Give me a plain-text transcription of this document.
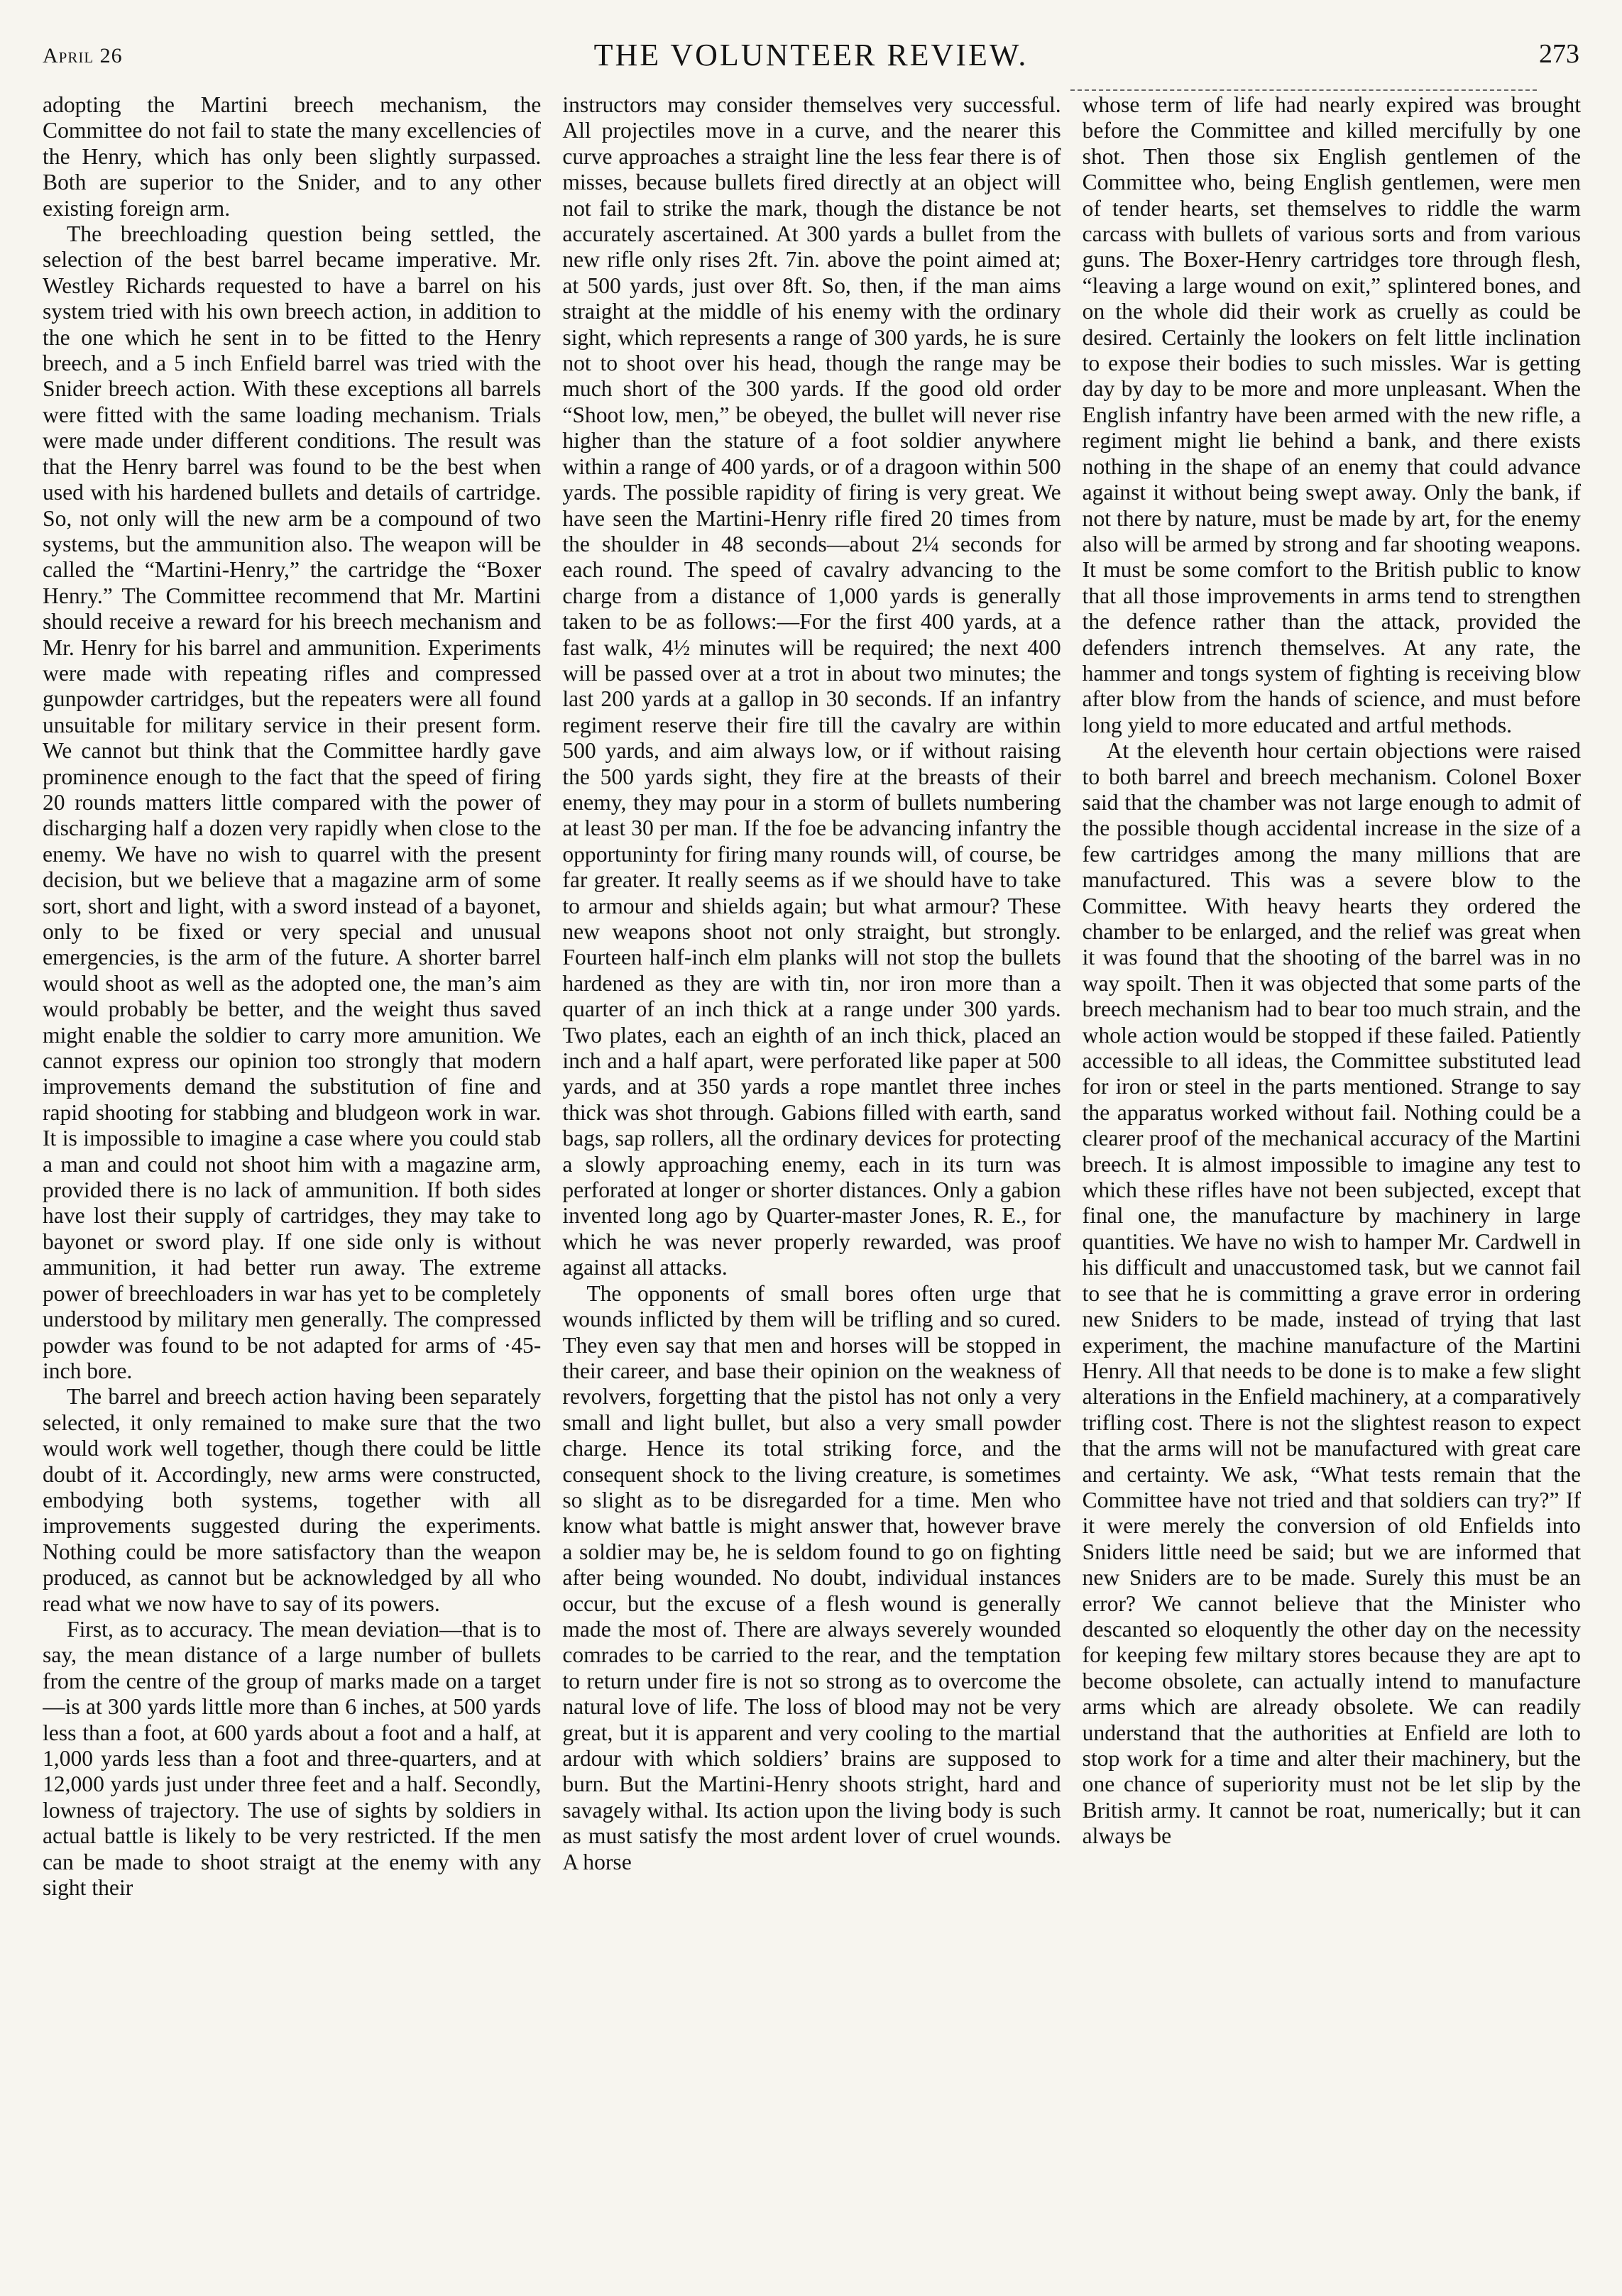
April 26	THE VOLUNTEER REVIEW.	273

adopting the Martini breech mechanism, the Committee do not fail to state the many excellencies of the Henry, which has only been slightly surpassed. Both are superior to the Snider, and to any other existing foreign arm.

The breechloading question being settled, the selection of the best barrel became imperative. Mr. Westley Richards requested to have a barrel on his system tried with his own breech action, in addition to the one which he sent in to be fitted to the Henry breech, and a 5 inch Enfield barrel was tried with the Snider breech action. With these exceptions all barrels were fitted with the same loading mechanism. Trials were made under different conditions. The result was that the Henry barrel was found to be the best when used with his hardened bullets and details of cartridge. So, not only will the new arm be a compound of two systems, but the ammunition also. The weapon will be called the “Martini-Henry,” the cartridge the “Boxer Henry.” The Committee recommend that Mr. Martini should receive a reward for his breech mechanism and Mr. Henry for his barrel and ammunition. Experiments were made with repeating rifles and compressed gunpowder cartridges, but the repeaters were all found unsuitable for military service in their present form. We cannot but think that the Committee hardly gave prominence enough to the fact that the speed of firing 20 rounds matters little compared with the power of discharging half a dozen very rapidly when close to the enemy. We have no wish to quarrel with the present decision, but we believe that a magazine arm of some sort, short and light, with a sword instead of a bayonet, only to be fixed or very special and unusual emergencies, is the arm of the future. A shorter barrel would shoot as well as the adopted one, the man’s aim would probably be better, and the weight thus saved might enable the soldier to carry more amunition. We cannot express our opinion too strongly that modern improvements demand the substitution of fine and rapid shooting for stabbing and bludgeon work in war. It is impossible to imagine a case where you could stab a man and could not shoot him with a magazine arm, provided there is no lack of ammunition. If both sides have lost their supply of cartridges, they may take to bayonet or sword play. If one side only is without ammunition, it had better run away. The extreme power of breechloaders in war has yet to be completely understood by military men generally. The compressed powder was found to be not adapted for arms of ·45-inch bore.

The barrel and breech action having been separately selected, it only remained to make sure that the two would work well together, though there could be little doubt of it. Accordingly, new arms were constructed, embodying both systems, together with all improvements suggested during the experiments. Nothing could be more satisfactory than the weapon produced, as cannot but be acknowledged by all who read what we now have to say of its powers.

First, as to accuracy. The mean deviation—that is to say, the mean distance of a large number of bullets from the centre of the group of marks made on a target—is at 300 yards little more than 6 inches, at 500 yards less than a foot, at 600 yards about a foot and a half, at 1,000 yards less than a foot and three-quarters, and at 12,000 yards just under three feet and a half. Secondly, lowness of trajectory. The use of sights by soldiers in actual battle is likely to be very restricted. If the men can be made to shoot straigt at the enemy with any sight their

instructors may consider themselves very successful. All projectiles move in a curve, and the nearer this curve approaches a straight line the less fear there is of misses, because bullets fired directly at an object will not fail to strike the mark, though the distance be not accurately ascertained. At 300 yards a bullet from the new rifle only rises 2ft. 7in. above the point aimed at; at 500 yards, just over 8ft. So, then, if the man aims straight at the middle of his enemy with the ordinary sight, which represents a range of 300 yards, he is sure not to shoot over his head, though the range may be much short of the 300 yards. If the good old order “Shoot low, men,” be obeyed, the bullet will never rise higher than the stature of a foot soldier anywhere within a range of 400 yards, or of a dragoon within 500 yards. The possible rapidity of firing is very great. We have seen the Martini-Henry rifle fired 20 times from the shoulder in 48 seconds—about 2¼ seconds for each round. The speed of cavalry advancing to the charge from a distance of 1,000 yards is generally taken to be as follows:—For the first 400 yards, at a fast walk, 4½ minutes will be required; the next 400 will be passed over at a trot in about two minutes; the last 200 yards at a gallop in 30 seconds. If an infantry regiment reserve their fire till the cavalry are within 500 yards, and aim always low, or if without raising the 500 yards sight, they fire at the breasts of their enemy, they may pour in a storm of bullets numbering at least 30 per man. If the foe be advancing infantry the opportuninty for firing many rounds will, of course, be far greater. It really seems as if we should have to take to armour and shields again; but what armour? These new weapons shoot not only straight, but strongly. Fourteen half-inch elm planks will not stop the bullets hardened as they are with tin, nor iron more than a quarter of an inch thick at a range under 300 yards. Two plates, each an eighth of an inch thick, placed an inch and a half apart, were perforated like paper at 500 yards, and at 350 yards a rope mantlet three inches thick was shot through. Gabions filled with earth, sand bags, sap rollers, all the ordinary devices for protecting a slowly approaching enemy, each in its turn was perforated at longer or shorter distances. Only a gabion invented long ago by Quarter-master Jones, R. E., for which he was never properly rewarded, was proof against all attacks.

The opponents of small bores often urge that wounds inflicted by them will be trifling and so cured. They even say that men and horses will be stopped in their career, and base their opinion on the weakness of revolvers, forgetting that the pistol has not only a very small and light bullet, but also a very small powder charge. Hence its total striking force, and the consequent shock to the living creature, is sometimes so slight as to be disregarded for a time. Men who know what battle is might answer that, however brave a soldier may be, he is seldom found to go on fighting after being wounded. No doubt, individual instances occur, but the excuse of a flesh wound is generally made the most of. There are always severely wounded comrades to be carried to the rear, and the temptation to return under fire is not so strong as to overcome the natural love of life. The loss of blood may not be very great, but it is apparent and very cooling to the martial ardour with which soldiers’ brains are supposed to burn. But the Martini-Henry shoots stright, hard and savagely withal. Its action upon the living body is such as must satisfy the most ardent lover of cruel wounds. A horse

whose term of life had nearly expired was brought before the Committee and killed mercifully by one shot. Then those six English gentlemen of the Committee who, being English gentlemen, were men of tender hearts, set themselves to riddle the warm carcass with bullets of various sorts and from various guns. The Boxer-Henry cartridges tore through flesh, “leaving a large wound on exit,” splintered bones, and on the whole did their work as cruelly as could be desired. Certainly the lookers on felt little inclination to expose their bodies to such missles. War is getting day by day to be more and more unpleasant. When the English infantry have been armed with the new rifle, a regiment might lie behind a bank, and there exists nothing in the shape of an enemy that could advance against it without being swept away. Only the bank, if not there by nature, must be made by art, for the enemy also will be armed by strong and far shooting weapons. It must be some comfort to the British public to know that all those improvements in arms tend to strengthen the defence rather than the attack, provided the defenders intrench themselves. At any rate, the hammer and tongs system of fighting is receiving blow after blow from the hands of science, and must before long yield to more educated and artful methods.

At the eleventh hour certain objections were raised to both barrel and breech mechanism. Colonel Boxer said that the chamber was not large enough to admit of the possible though accidental increase in the size of a few cartridges among the many millions that are manufactured. This was a severe blow to the Committee. With heavy hearts they ordered the chamber to be enlarged, and the relief was great when it was found that the shooting of the barrel was in no way spoilt. Then it was objected that some parts of the breech mechanism had to bear too much strain, and the whole action would be stopped if these failed. Patiently accessible to all ideas, the Committee substituted lead for iron or steel in the parts mentioned. Strange to say the apparatus worked without fail. Nothing could be a clearer proof of the mechanical accuracy of the Martini breech. It is almost impossible to imagine any test to which these rifles have not been subjected, except that final one, the manufacture by machinery in large quantities. We have no wish to hamper Mr. Cardwell in his difficult and unaccustomed task, but we cannot fail to see that he is committing a grave error in ordering new Sniders to be made, instead of trying that last experiment, the machine manufacture of the Martini Henry. All that needs to be done is to make a few slight alterations in the Enfield machinery, at a comparatively trifling cost. There is not the slightest reason to expect that the arms will not be manufactured with great care and certainty. We ask, “What tests remain that the Committee have not tried and that soldiers can try?” If it were merely the conversion of old Enfields into Sniders little need be said; but we are informed that new Sniders are to be made. Surely this must be an error? We cannot believe that the Minister who descanted so eloquently the other day on the necessity for keeping few miltary stores because they are apt to become obsolete, can actually intend to manufacture arms which are already obsolete. We can readily understand that the authorities at Enfield are loth to stop work for a time and alter their machinery, but the one chance of superiority must not be let slip by the British army. It cannot be roat, numerically; but it can always be
